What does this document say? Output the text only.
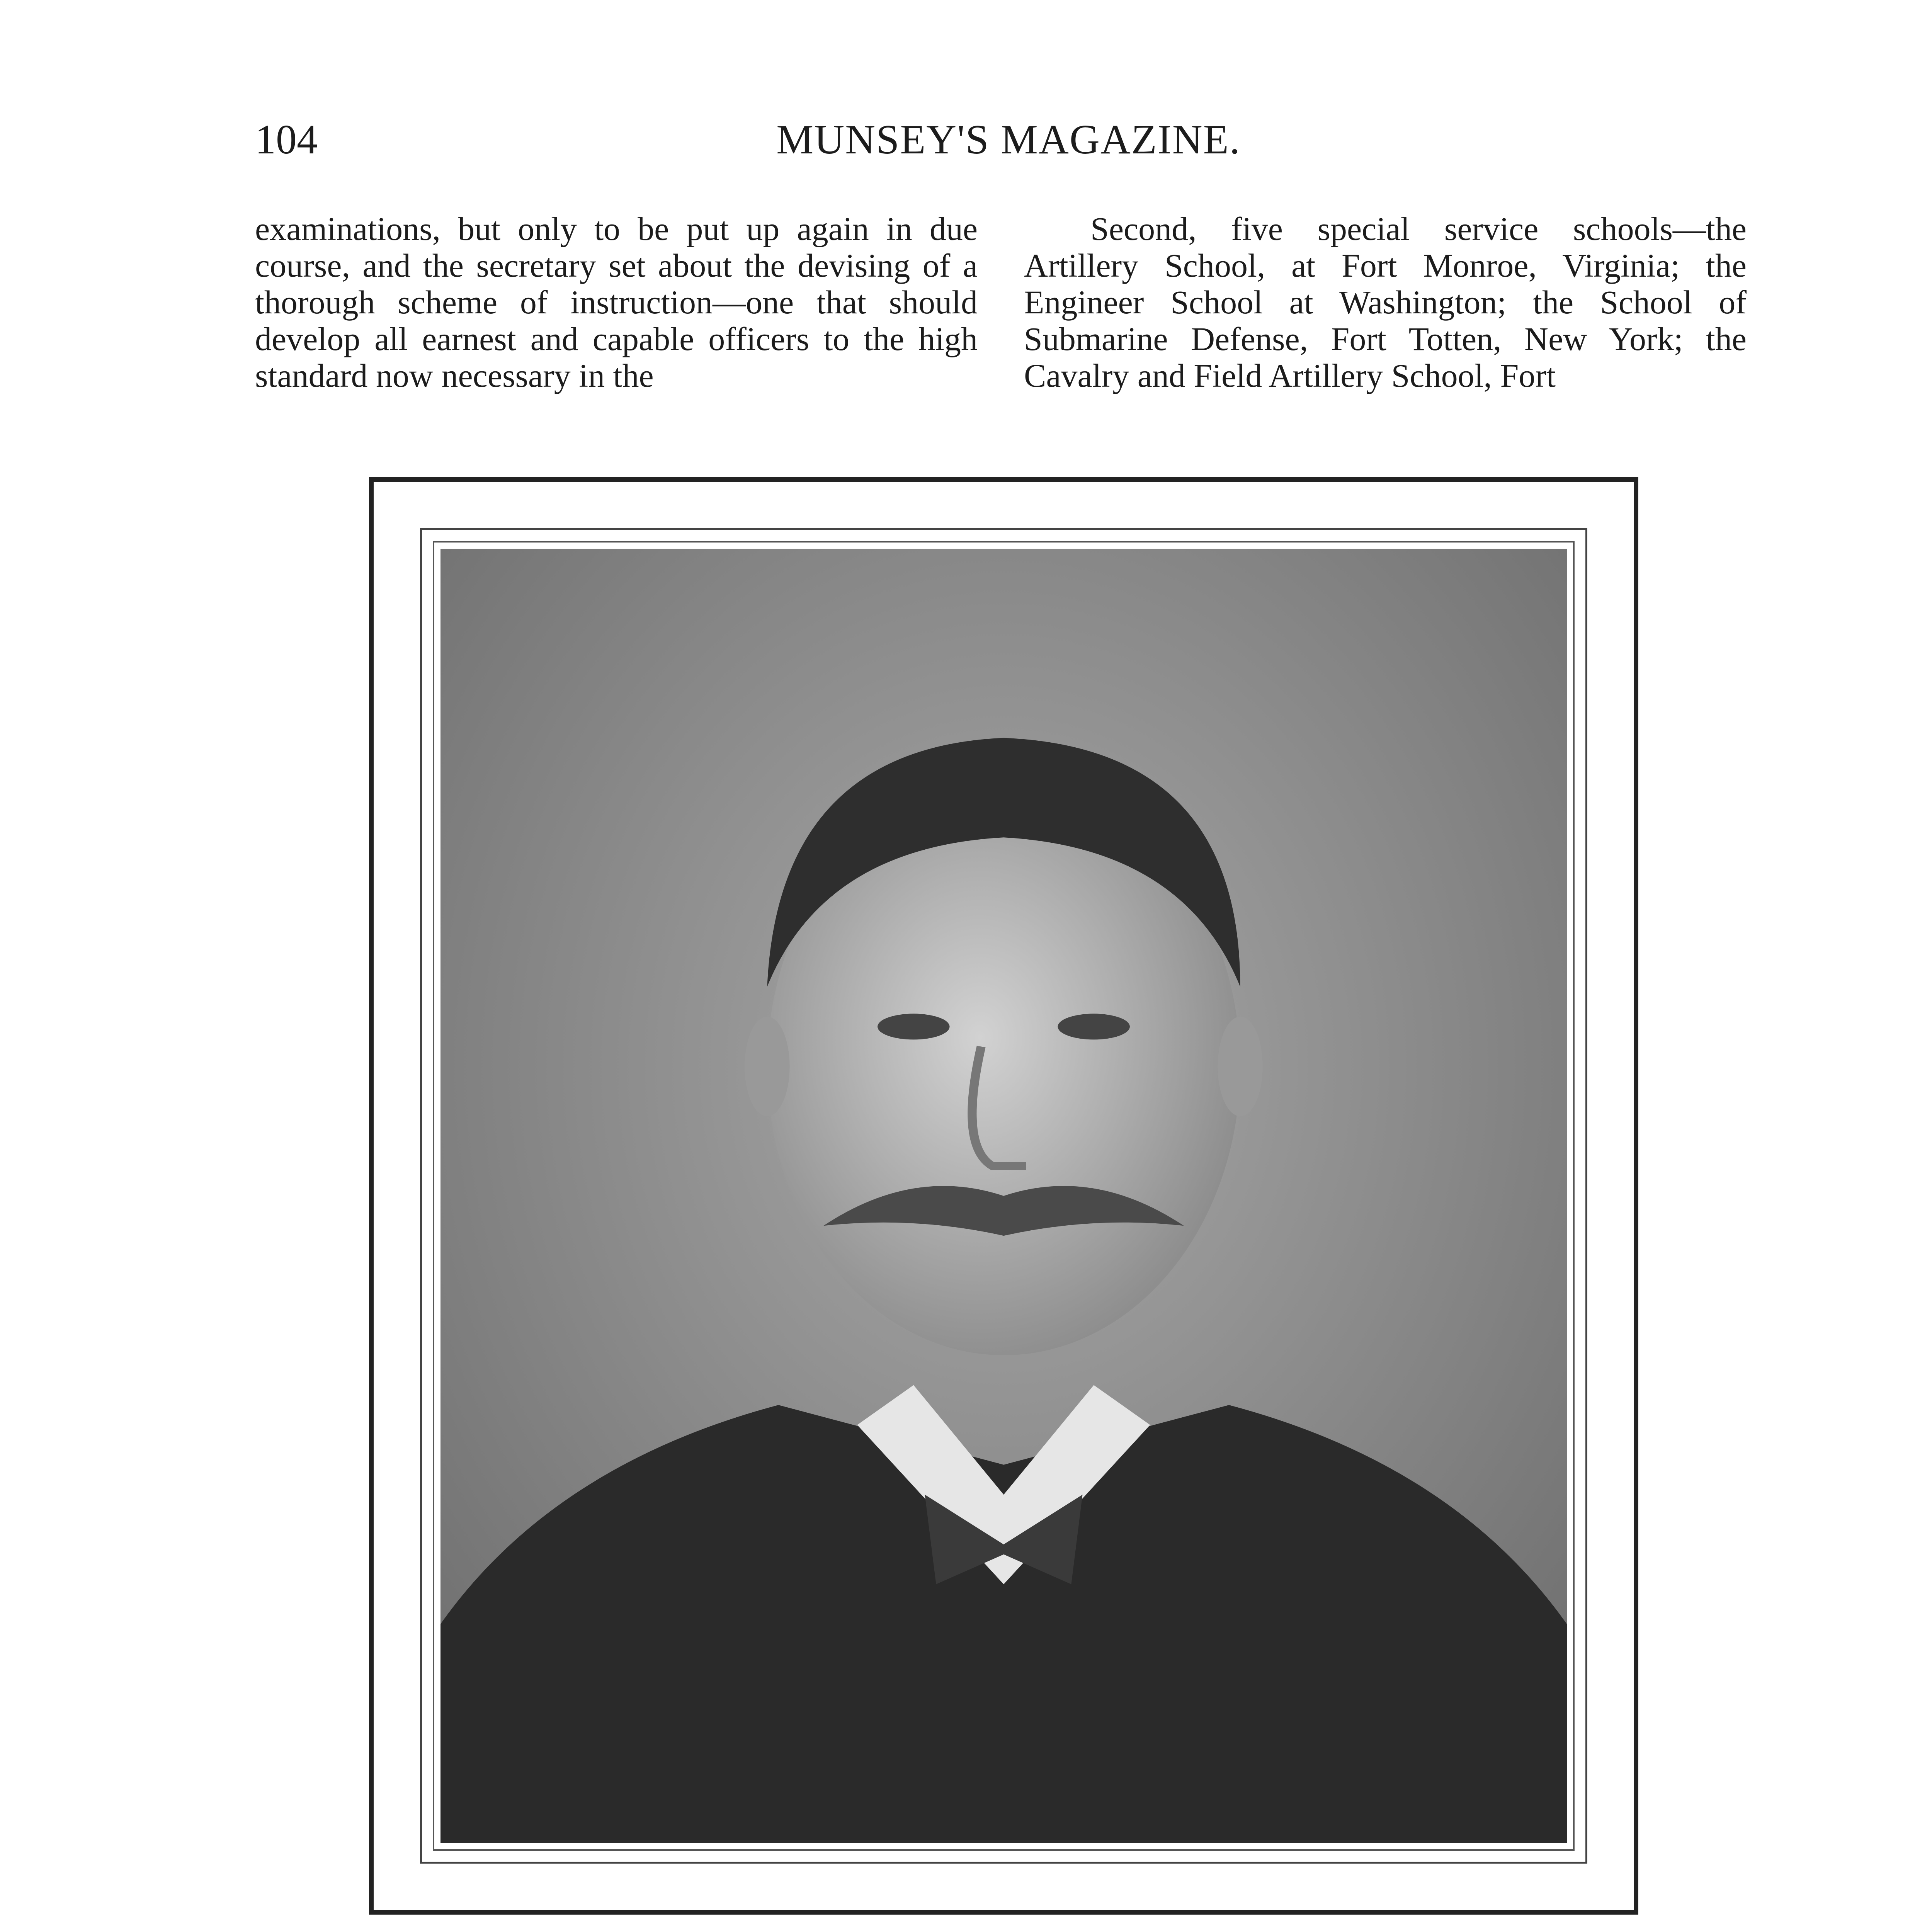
104	MUNSEY'S MAGAZINE.

examinations, but only to be put up again in due course, and the secretary set about the devising of a thorough scheme of instruction—one that should develop all earnest and capable officers to the high standard now necessary in the

Second, five special service schools—the Artillery School, at Fort Monroe, Virginia; the Engineer School at Washington; the School of Submarine Defense, Fort Totten, New York; the Cavalry and Field Artillery School, Fort
